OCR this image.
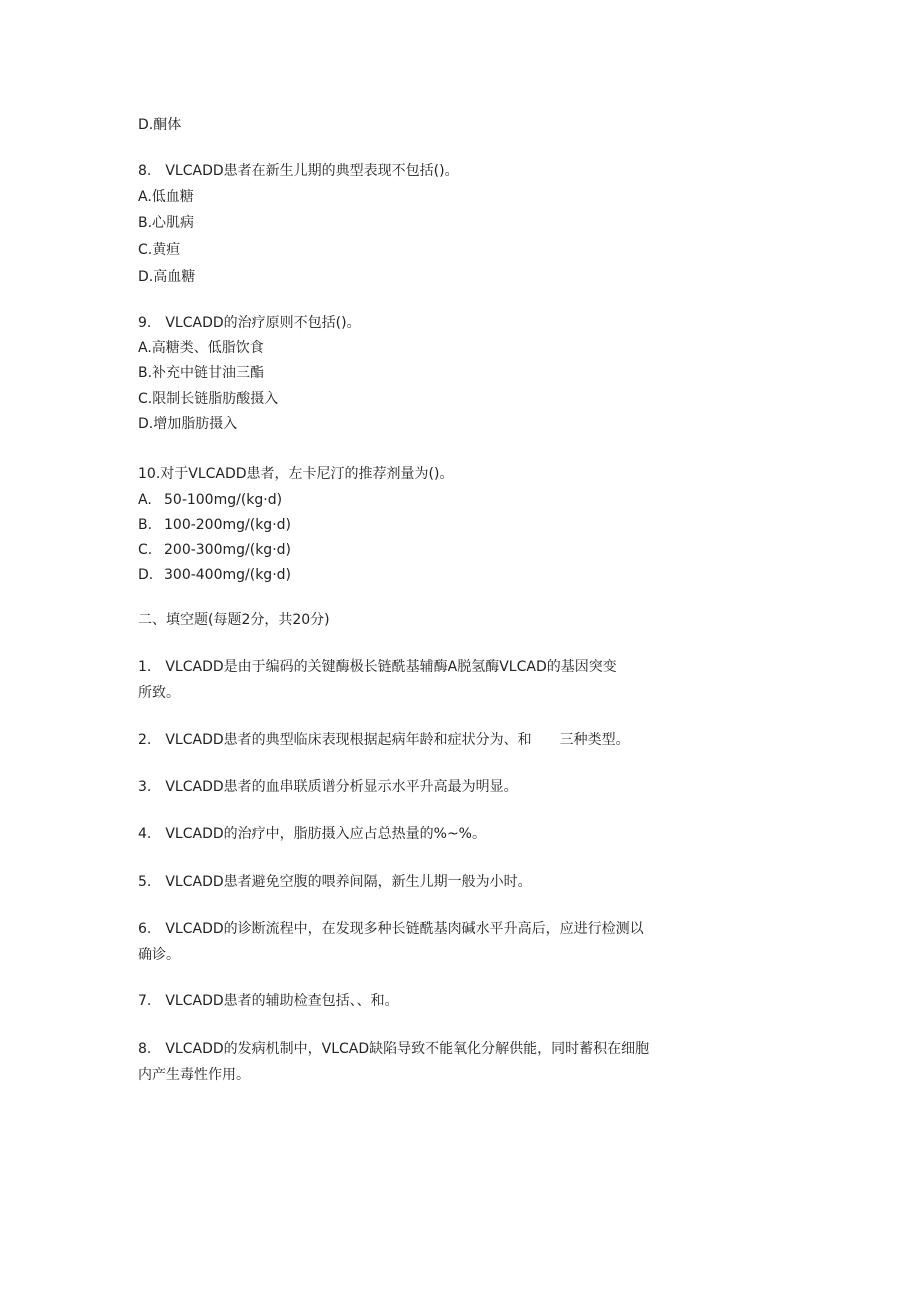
D.酮体
8.　VLCADD患者在新生儿期的典型表现不包括()。
A.低血糖
B.心肌病
C.黄疸
D.高血糖
9.　VLCADD的治疗原则不包括()。
A.高糖类、低脂饮食
B.补充中链甘油三酯
C.限制长链脂肪酸摄入
D.增加脂肪摄入
10.对于VLCADD患者，左卡尼汀的推荐剂量为()。
A. 50-100mg/(kg·d)
B. 100-200mg/(kg·d)
C. 200-300mg/(kg·d)
D. 300-400mg/(kg·d)
二、填空题(每题2分，共20分)
1.　VLCADD是由于编码的关键酶极长链酰基辅酶A脱氢酶VLCAD的基因突变
所致。
2.　VLCADD患者的典型临床表现根据起病年龄和症状分为、和　　三种类型。
3.　VLCADD患者的血串联质谱分析显示水平升高最为明显。
4.　VLCADD的治疗中，脂肪摄入应占总热量的%~%。
5.　VLCADD患者避免空腹的喂养间隔，新生儿期一般为小时。
6.　VLCADD的诊断流程中，在发现多种长链酰基肉碱水平升高后，应进行检测以
确诊。
7.　VLCADD患者的辅助检查包括、、和。
8.　VLCADD的发病机制中，VLCAD缺陷导致不能氧化分解供能，同时蓄积在细胞
内产生毒性作用。
